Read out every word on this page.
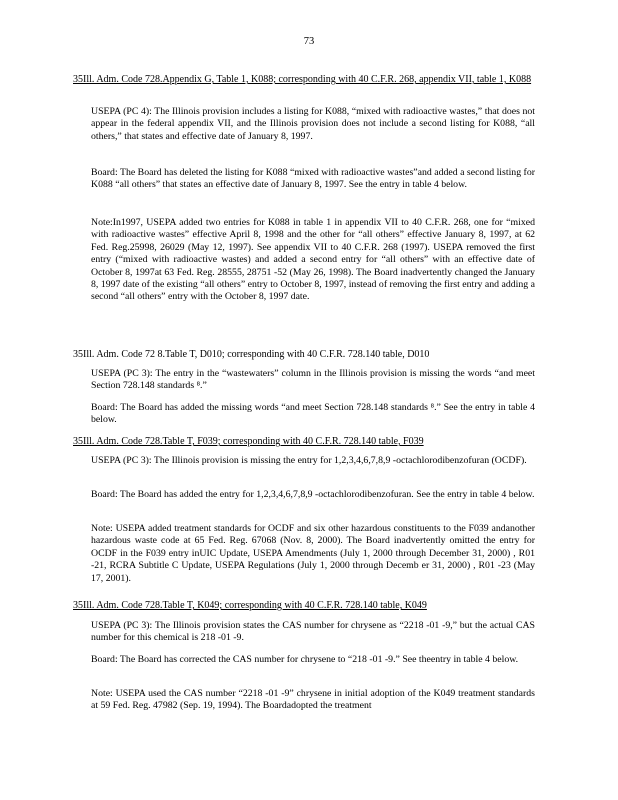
73
35Ill. Adm. Code 728.Appendix G, Table 1, K088; corresponding with 40 C.F.R. 268, appendix VII, table 1, K088

USEPA (PC 4): The Illinois provision includes a listing for K088, “mixed with radioactive wastes,” that does not appear in the federal appendix VII, and the Illinois provision does not include a second listing for K088, “all others,” that states and effective date of January 8, 1997.

Board: The Board has deleted the listing for K088 “mixed with radioactive wastes”and added a second listing for K088 “all others” that states an effective date of January 8, 1997. See the entry in table 4 below.

Note:In1997, USEPA added two entries for K088 in table 1 in appendix VII to 40 C.F.R. 268, one for “mixed with radioactive wastes” effective April 8, 1998 and the other for “all others” effective January 8, 1997, at 62 Fed. Reg.25998, 26029 (May 12, 1997). See appendix VII to 40 C.F.R. 268 (1997). USEPA removed the first entry (“mixed with radioactive wastes) and added a second entry for “all others” with an effective date of October 8, 1997at 63 Fed. Reg. 28555, 28751 -52 (May 26, 1998). The Board inadvertently changed the January 8, 1997 date of the existing “all others” entry to October 8, 1997, instead of removing the first entry and adding a second “all others” entry with the October 8, 1997 date.

35Ill. Adm. Code 72 8.Table T, D010; corresponding with 40 C.F.R. 728.140 table, D010

USEPA (PC 3): The entry in the “wastewaters” column in the Illinois provision is missing the words “and meet Section 728.148 standards ⁸.”

Board: The Board has added the missing words “and meet Section 728.148 standards ⁸.” See the entry in table 4 below.

35Ill. Adm. Code 728.Table T, F039; corresponding with 40 C.F.R. 728.140 table, F039

USEPA (PC 3): The Illinois provision is missing the entry for 1,2,3,4,6,7,8,9 -octachlorodibenzofuran (OCDF).

Board: The Board has added the entry for 1,2,3,4,6,7,8,9 -octachlorodibenzofuran. See the entry in table 4 below.

Note: USEPA added treatment standards for OCDF and six other hazardous constituents to the F039 andanother hazardous waste code at 65 Fed. Reg. 67068 (Nov. 8, 2000). The Board inadvertently omitted the entry for OCDF in the F039 entry inUIC Update, USEPA Amendments (July 1, 2000 through December 31, 2000) , R01 -21, RCRA Subtitle C Update, USEPA Regulations (July 1, 2000 through Decemb er 31, 2000) , R01 -23 (May 17, 2001).

35Ill. Adm. Code 728.Table T, K049; corresponding with 40 C.F.R. 728.140 table, K049

USEPA (PC 3): The Illinois provision states the CAS number for chrysene as “2218 -01 -9,” but the actual CAS number for this chemical is 218 -01 -9.

Board: The Board has corrected the CAS number for chrysene to “218 -01 -9.” See theentry in table 4 below.

Note: USEPA used the CAS number “2218 -01 -9” chrysene in initial adoption of the K049 treatment standards at 59 Fed. Reg. 47982 (Sep. 19, 1994). The Boardadopted the treatment
